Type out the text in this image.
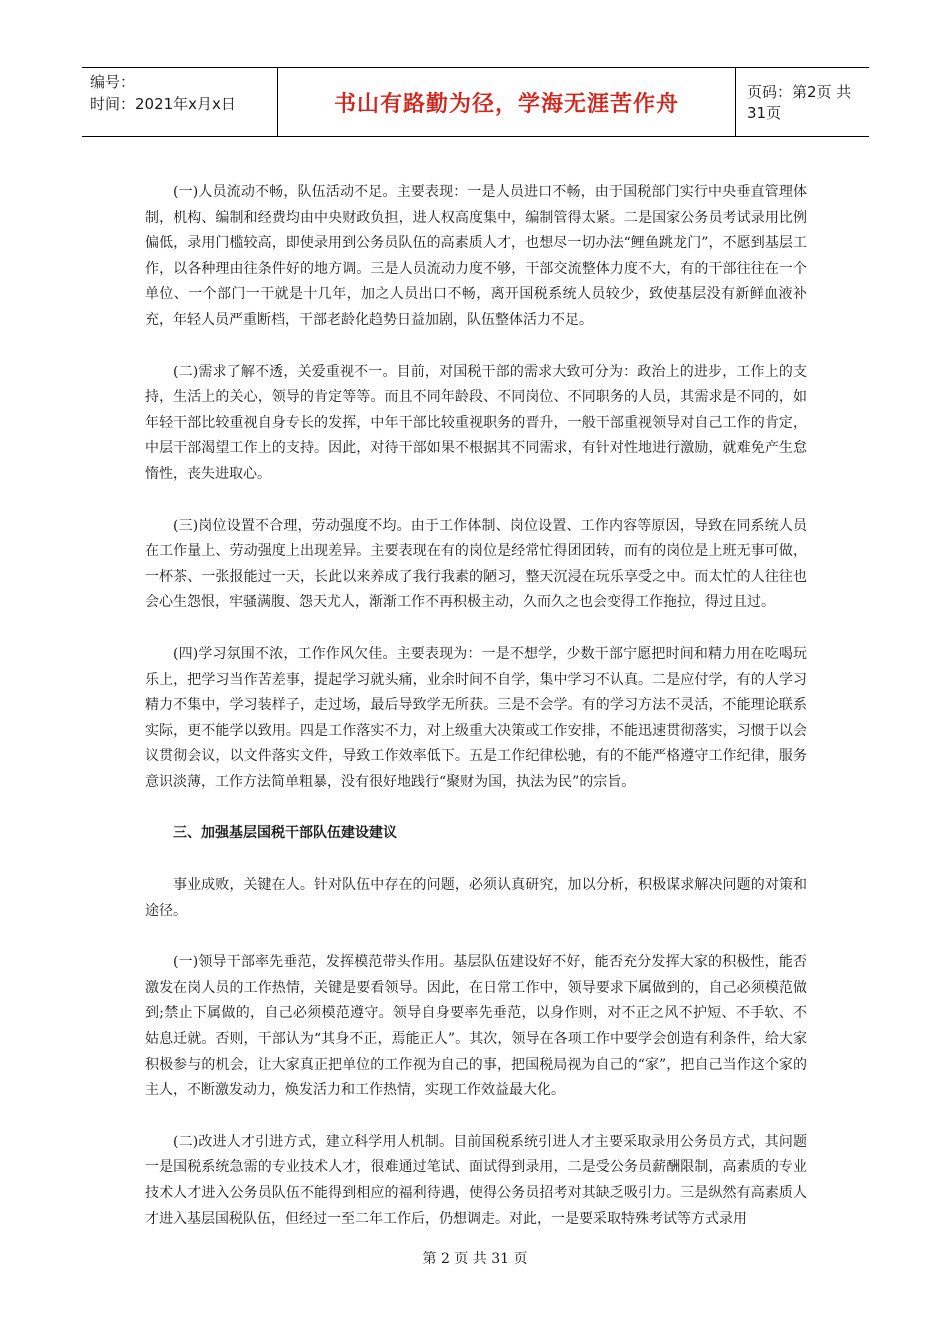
编号：
时间：2021年x月x日	书山有路勤为径，学海无涯苦作舟	页码：第2页 共31页

(一)人员流动不畅，队伍活动不足。主要表现：一是人员进口不畅，由于国税部门实行中央垂直管理体制，机构、编制和经费均由中央财政负担，进人权高度集中，编制管得太紧。二是国家公务员考试录用比例偏低，录用门槛较高，即使录用到公务员队伍的高素质人才，也想尽一切办法“鲤鱼跳龙门”，不愿到基层工作，以各种理由往条件好的地方调。三是人员流动力度不够，干部交流整体力度不大，有的干部往往在一个单位、一个部门一干就是十几年，加之人员出口不畅，离开国税系统人员较少，致使基层没有新鲜血液补充，年轻人员严重断档，干部老龄化趋势日益加剧，队伍整体活力不足。

(二)需求了解不透，关爱重视不一。目前，对国税干部的需求大致可分为：政治上的进步，工作上的支持，生活上的关心，领导的肯定等等。而且不同年龄段、不同岗位、不同职务的人员，其需求是不同的，如年轻干部比较重视自身专长的发挥，中年干部比较重视职务的晋升，一般干部重视领导对自己工作的肯定，中层干部渴望工作上的支持。因此，对待干部如果不根据其不同需求，有针对性地进行激励，就难免产生怠惰性，丧失进取心。

(三)岗位设置不合理，劳动强度不均。由于工作体制、岗位设置、工作内容等原因，导致在同系统人员在工作量上、劳动强度上出现差异。主要表现在有的岗位是经常忙得团团转，而有的岗位是上班无事可做，一杯茶、一张报能过一天，长此以来养成了我行我素的陋习，整天沉浸在玩乐享受之中。而太忙的人往往也会心生怨恨，牢骚满腹、怨天尤人，渐渐工作不再积极主动，久而久之也会变得工作拖拉，得过且过。

(四)学习氛围不浓，工作作风欠佳。主要表现为：一是不想学，少数干部宁愿把时间和精力用在吃喝玩乐上，把学习当作苦差事，提起学习就头痛，业余时间不自学，集中学习不认真。二是应付学，有的人学习精力不集中，学习装样子，走过场，最后导致学无所获。三是不会学。有的学习方法不灵活，不能理论联系实际，更不能学以致用。四是工作落实不力，对上级重大决策或工作安排，不能迅速贯彻落实，习惯于以会议贯彻会议，以文件落实文件，导致工作效率低下。五是工作纪律松驰，有的不能严格遵守工作纪律，服务意识淡薄，工作方法简单粗暴，没有很好地践行“聚财为国，执法为民”的宗旨。

三、加强基层国税干部队伍建设建议

事业成败，关键在人。针对队伍中存在的问题，必须认真研究，加以分析，积极谋求解决问题的对策和途径。

(一)领导干部率先垂范，发挥模范带头作用。基层队伍建设好不好，能否充分发挥大家的积极性，能否激发在岗人员的工作热情，关键是要看领导。因此，在日常工作中，领导要求下属做到的，自己必须模范做到;禁止下属做的，自己必须模范遵守。领导自身要率先垂范，以身作则，对不正之风不护短、不手软、不姑息迁就。否则，干部认为“其身不正，焉能正人”。其次，领导在各项工作中要学会创造有利条件，给大家积极参与的机会，让大家真正把单位的工作视为自己的事，把国税局视为自己的“家”，把自己当作这个家的主人，不断激发动力，焕发活力和工作热情，实现工作效益最大化。

(二)改进人才引进方式，建立科学用人机制。目前国税系统引进人才主要采取录用公务员方式，其问题一是国税系统急需的专业技术人才，很难通过笔试、面试得到录用，二是受公务员薪酬限制，高素质的专业技术人才进入公务员队伍不能得到相应的福利待遇，使得公务员招考对其缺乏吸引力。三是纵然有高素质人才进入基层国税队伍，但经过一至二年工作后，仍想调走。对此，一是要采取特殊考试等方式录用

第 2 页 共 31 页
